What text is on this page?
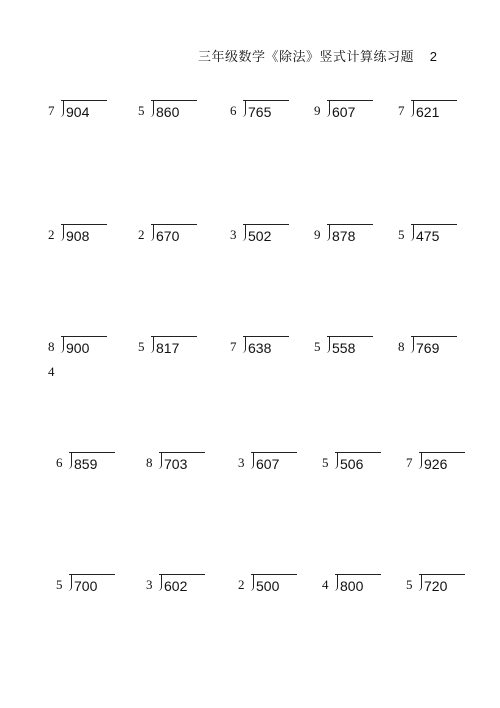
三年级数学《除法》竖式计算练习题 2
4
7 904	5 860	6 765	9 607	7 621
2 908	2 670	3 502	9 878	5 475
8 900	5 817	7 638	5 558	8 769
6 859	8 703	3 607	5 506	7 926
5 700	3 602	2 500	4 800	5 720
